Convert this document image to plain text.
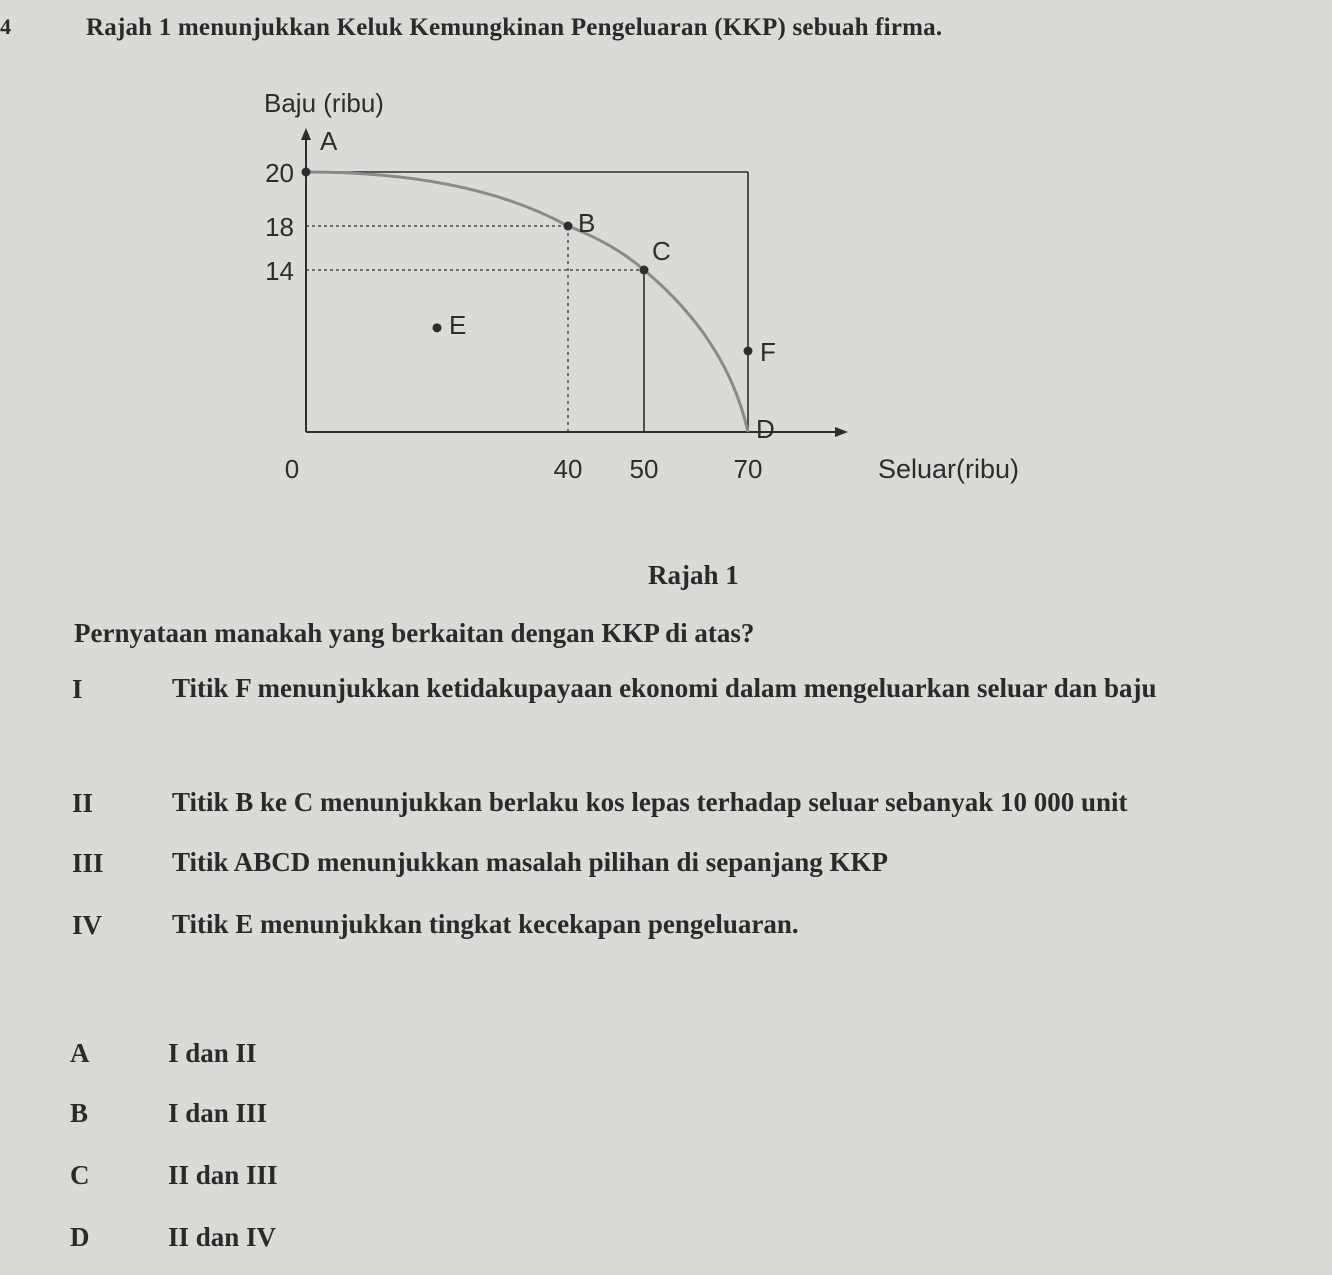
4	Rajah 1 menunjukkan Keluk Kemungkinan Pengeluaran (KKP) sebuah firma.
A
B
C
D
E
F
20
18
14
0	40 50	70
Baju (ribu)
Seluar(ribu)
Rajah 1
Pernyataan manakah yang berkaitan dengan KKP di atas?
I	Titik F menunjukkan ketidakupayaan ekonomi dalam mengeluarkan seluar dan baju
II	Titik B ke C menunjukkan berlaku kos lepas terhadap seluar sebanyak 10 000 unit
III	Titik ABCD menunjukkan masalah pilihan di sepanjang KKP
IV	Titik E menunjukkan tingkat kecekapan pengeluaran.
A	I dan II
B	I dan III
C	II dan III
D	II dan IV
